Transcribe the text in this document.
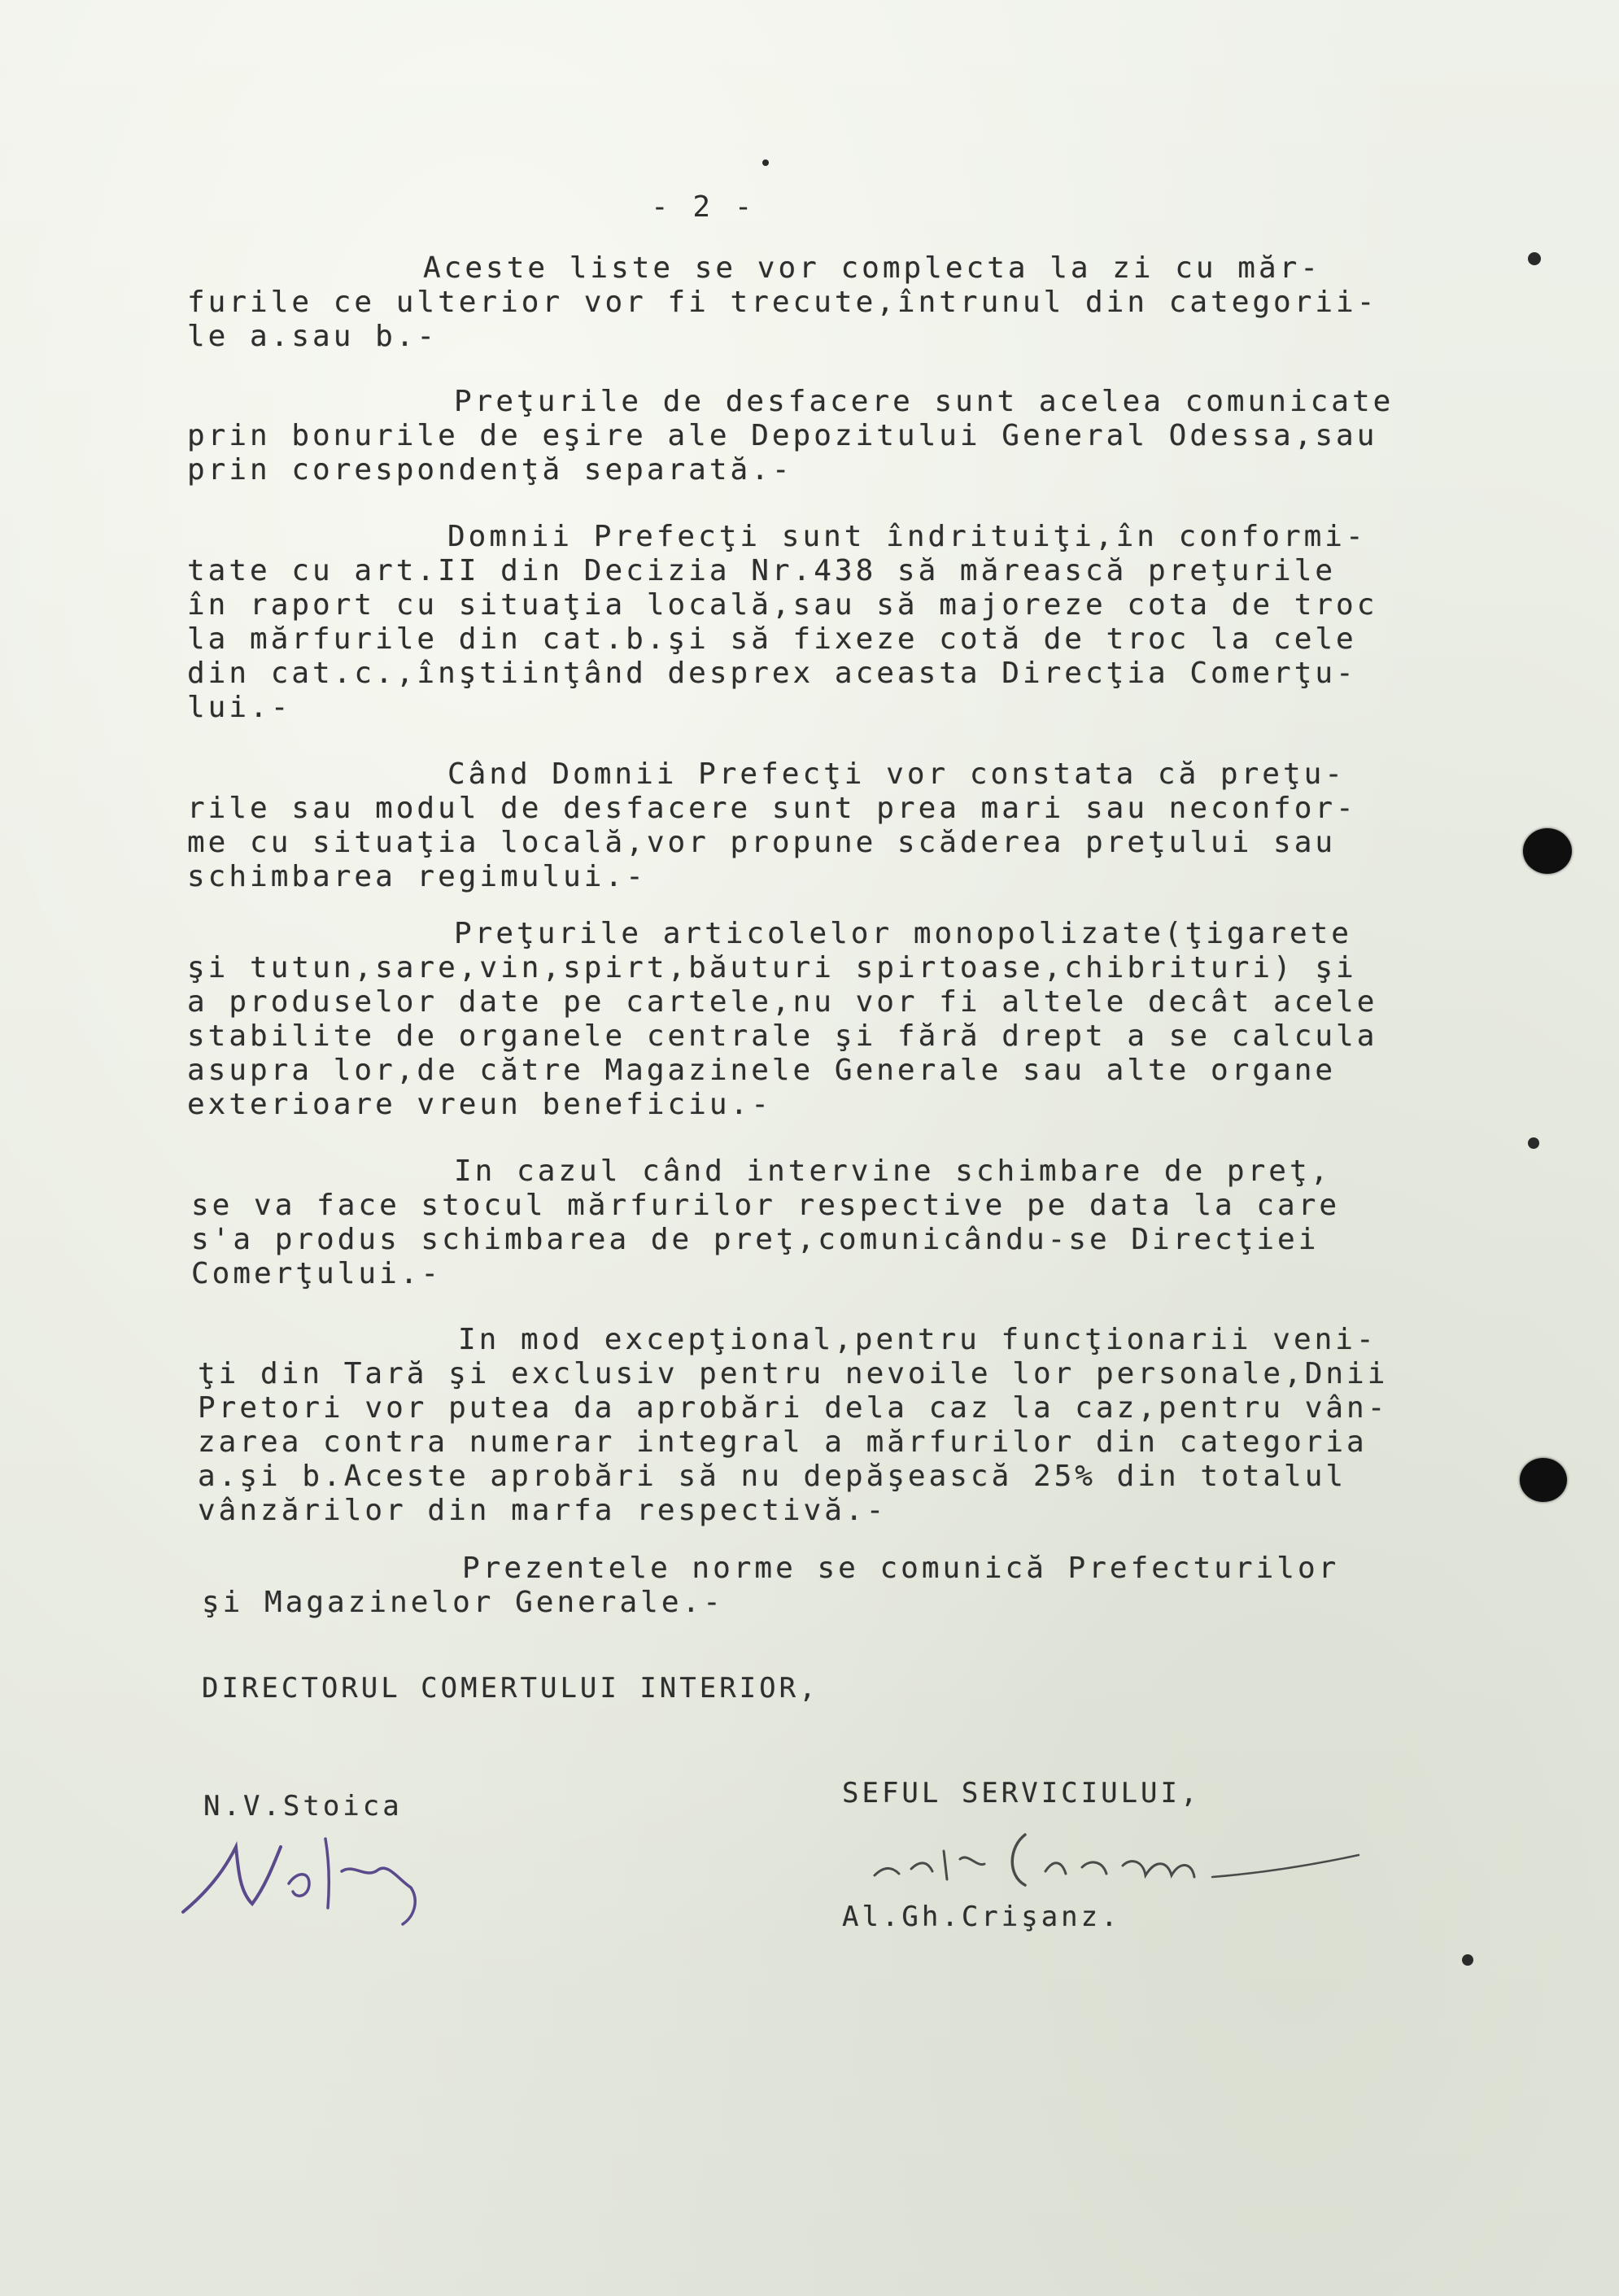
- 2 -
Aceste liste se vor complecta la zi cu măr-
furile ce ulterior vor fi trecute,întrunul din categorii-
le a.sau b.-
Preţurile de desfacere sunt acelea comunicate
prin bonurile de eşire ale Depozitului General Odessa,sau
prin corespondenţă separată.-
Domnii Prefecţi sunt îndrituiţi,în conformi-
tate cu art.II din Decizia Nr.438 să mărească preţurile
în raport cu situaţia locală,sau să majoreze cota de troc
la mărfurile din cat.b.şi să fixeze cotă de troc la cele
din cat.c.,înştiinţând desprex aceasta Direcţia Comerţu-
lui.-
Când Domnii Prefecţi vor constata că preţu-
rile sau modul de desfacere sunt prea mari sau neconfor-
me cu situaţia locală,vor propune scăderea preţului sau
schimbarea regimului.-
Preţurile articolelor monopolizate(ţigarete
şi tutun,sare,vin,spirt,băuturi spirtoase,chibrituri) şi
a produselor date pe cartele,nu vor fi altele decât acele
stabilite de organele centrale şi fără drept a se calcula
asupra lor,de către Magazinele Generale sau alte organe
exterioare vreun beneficiu.-
In cazul când intervine schimbare de preţ,
se va face stocul mărfurilor respective pe data la care
s'a produs schimbarea de preţ,comunicându-se Direcţiei
Comerţului.-
In mod excepţional,pentru funcţionarii veni-
ţi din Tară şi exclusiv pentru nevoile lor personale,Dnii
Pretori vor putea da aprobări dela caz la caz,pentru vân-
zarea contra numerar integral a mărfurilor din categoria
a.şi b.Aceste aprobări să nu depăşească 25% din totalul
vânzărilor din marfa respectivă.-
Prezentele norme se comunică Prefecturilor
şi Magazinelor Generale.-
DIRECTORUL COMERTULUI INTERIOR,
N.V.Stoica	SEFUL SERVICIULUI,
Al.Gh.Crişanz.
